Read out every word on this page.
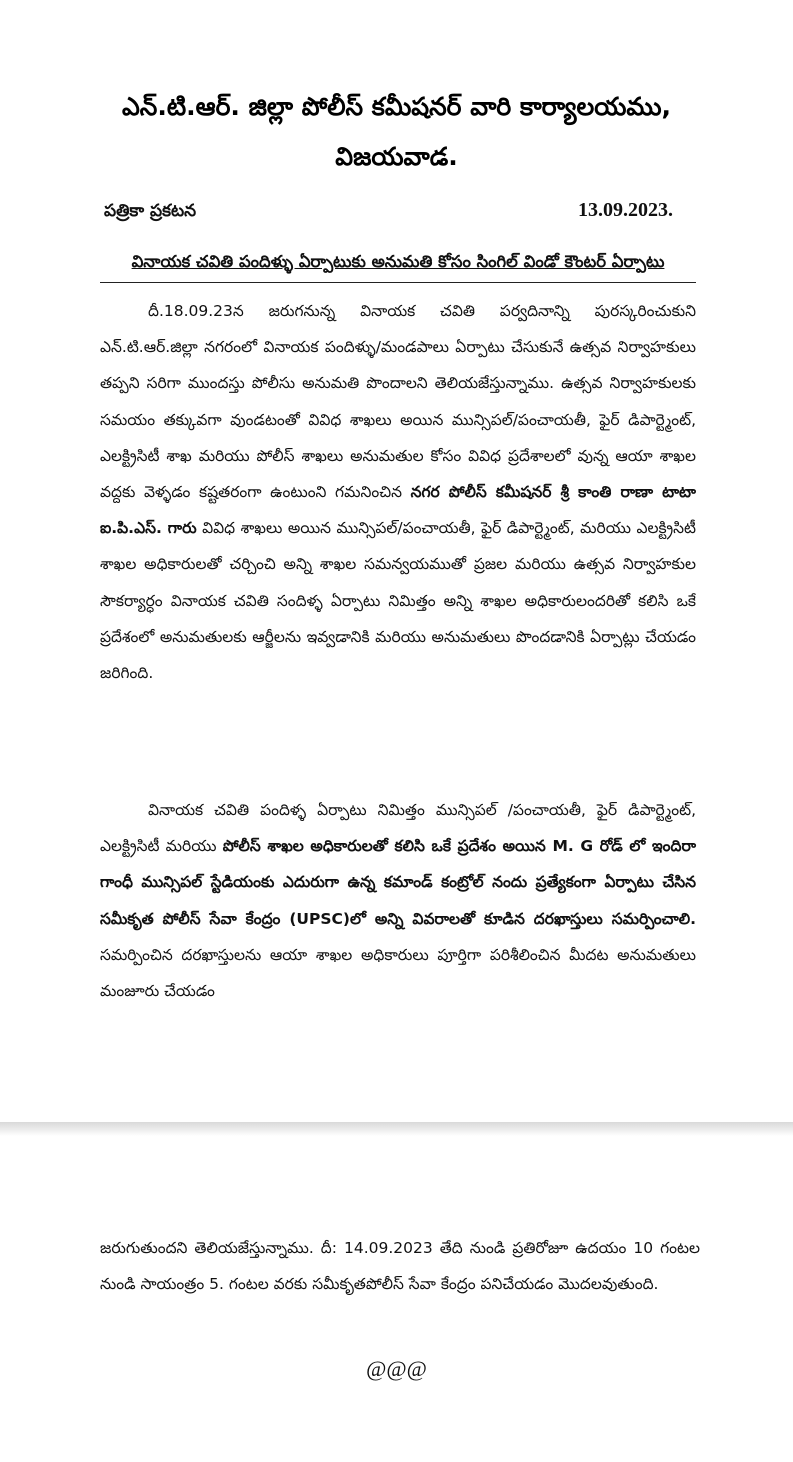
ఎన్.టి.ఆర్. జిల్లా పోలీస్ కమీషనర్ వారి కార్యాలయము,
విజయవాడ.
పత్రికా ప్రకటన	13.09.2023.
వినాయక చవితి పందిళ్ళు ఏర్పాటుకు అనుమతి కోసం సింగిల్ విండో కౌంటర్ ఏర్పాటు
దీ.18.09.23న జరుగనున్న వినాయక చవితి పర్వదినాన్ని పురస్కరించుకుని ఎన్.టి.ఆర్.జిల్లా నగరంలో వినాయక పందిళ్ళు/మండపాలు ఏర్పాటు చేసుకునే ఉత్సవ నిర్వాహకులు తప్పని సరిగా ముందస్తు పోలీసు అనుమతి పొందాలని తెలియజేస్తున్నాము. ఉత్సవ నిర్వాహకులకు సమయం తక్కువగా వుండటంతో వివిధ శాఖలు అయిన మున్సిపల్/పంచాయతీ, ఫైర్ డిపార్ట్మెంట్, ఎలక్ట్రిసిటీ శాఖ మరియు పోలీస్ శాఖలు అనుమతుల కోసం వివిధ ప్రదేశాలలో వున్న ఆయా శాఖల వద్దకు వెళ్ళడం కష్టతరంగా ఉంటుంని గమనించిన నగర పోలీస్ కమీషనర్ శ్రీ కాంతి రాణా టాటా ఐ.పి.ఎస్. గారు వివిధ శాఖలు అయిన మున్సిపల్/పంచాయతీ, ఫైర్ డిపార్ట్మెంట్, మరియు ఎలక్ట్రిసిటీ శాఖల అధికారులతో చర్చించి అన్ని శాఖల సమన్వయముతో ప్రజల మరియు ఉత్సవ నిర్వాహకుల సౌకర్యార్ధం వినాయక చవితి సందిళ్ళ ఏర్పాటు నిమిత్తం అన్ని శాఖల అధికారులందరితో కలిసి ఒకే ప్రదేశంలో అనుమతులకు ఆర్జీలను ఇవ్వడానికి మరియు అనుమతులు పొందడానికి ఏర్పాట్లు చేయడం జరిగింది.
వినాయక చవితి పందిళ్ళ ఏర్పాటు నిమిత్తం మున్సిపల్ /పంచాయతీ, ఫైర్ డిపార్ట్మెంట్, ఎలక్ట్రిసిటీ మరియు పోలీస్ శాఖల అధికారులతో కలిసి ఒకే ప్రదేశం అయిన M. G రోడ్ లో ఇందిరా గాంధీ మున్సిపల్ స్టేడియంకు ఎదురుగా ఉన్న కమాండ్ కంట్రోల్ నందు ప్రత్యేకంగా ఏర్పాటు చేసిన సమీకృత పోలీస్ సేవా కేంద్రం (UPSC)లో అన్ని వివరాలతో కూడిన దరఖాస్తులు సమర్పించాలి. సమర్పించిన దరఖాస్తులను ఆయా శాఖల అధికారులు పూర్తిగా పరిశీలించిన మీదట అనుమతులు మంజూరు చేయడం
జరుగుతుందని తెలియజేస్తున్నాము. దీ: 14.09.2023 తేది నుండి ప్రతిరోజూ ఉదయం 10 గంటల నుండి సాయంత్రం 5. గంటల వరకు సమీకృతపోలీస్ సేవా కేంద్రం పనిచేయడం మొదలవుతుంది.
@@@
